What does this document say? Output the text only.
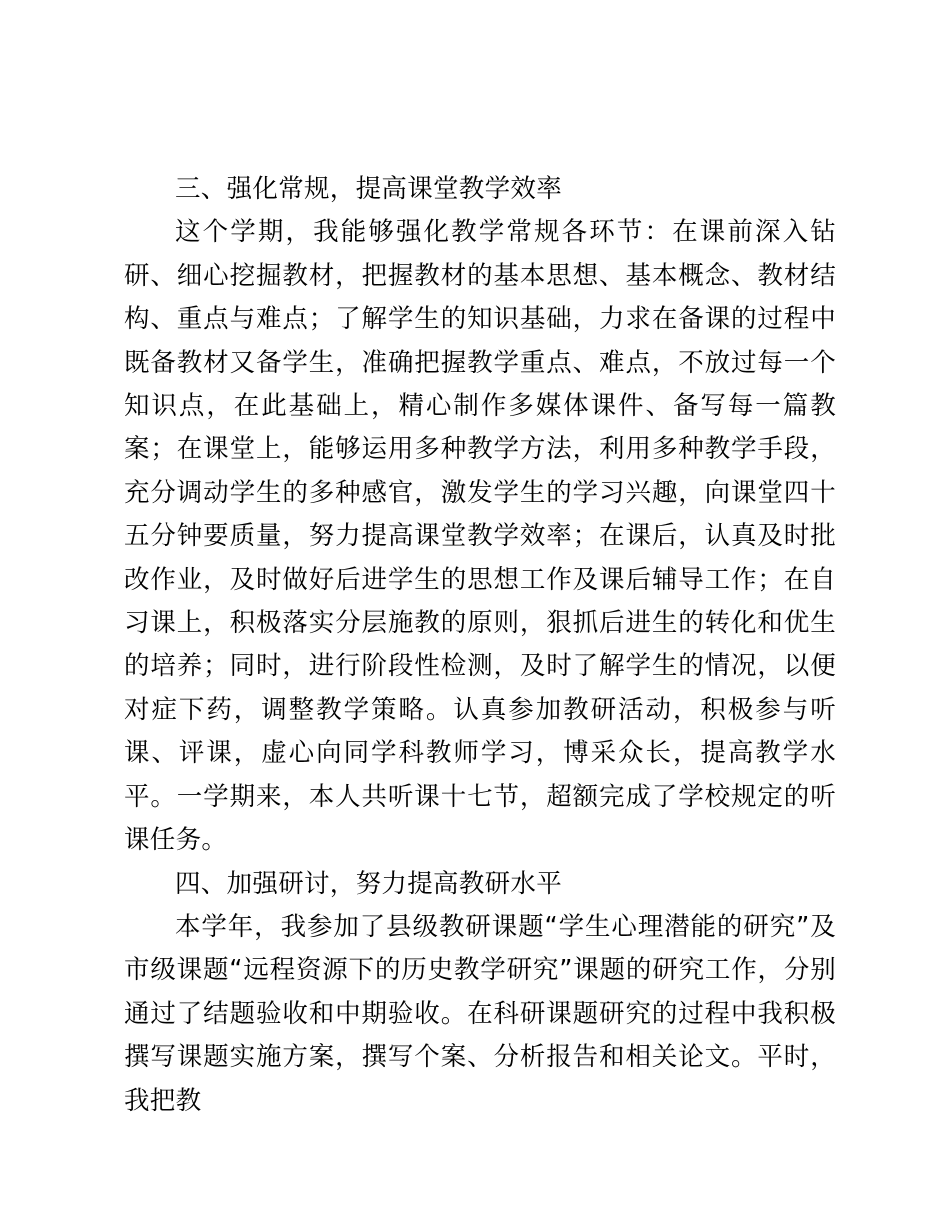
三、强化常规，提高课堂教学效率

这个学期，我能够强化教学常规各环节：在课前深入钻研、细心挖掘教材，把握教材的基本思想、基本概念、教材结构、重点与难点；了解学生的知识基础，力求在备课的过程中既备教材又备学生，准确把握教学重点、难点，不放过每一个知识点，在此基础上，精心制作多媒体课件、备写每一篇教案；在课堂上，能够运用多种教学方法，利用多种教学手段，充分调动学生的多种感官，激发学生的学习兴趣，向课堂四十五分钟要质量，努力提高课堂教学效率；在课后，认真及时批改作业，及时做好后进学生的思想工作及课后辅导工作；在自习课上，积极落实分层施教的原则，狠抓后进生的转化和优生的培养；同时，进行阶段性检测，及时了解学生的情况，以便对症下药，调整教学策略。认真参加教研活动，积极参与听课、评课，虚心向同学科教师学习，博采众长，提高教学水平。一学期来，本人共听课十七节，超额完成了学校规定的听课任务。

四、加强研讨，努力提高教研水平

本学年，我参加了县级教研课题“学生心理潜能的研究”及市级课题“远程资源下的历史教学研究”课题的研究工作，分别通过了结题验收和中期验收。在科研课题研究的过程中我积极撰写课题实施方案，撰写个案、分析报告和相关论文。平时，我把教
